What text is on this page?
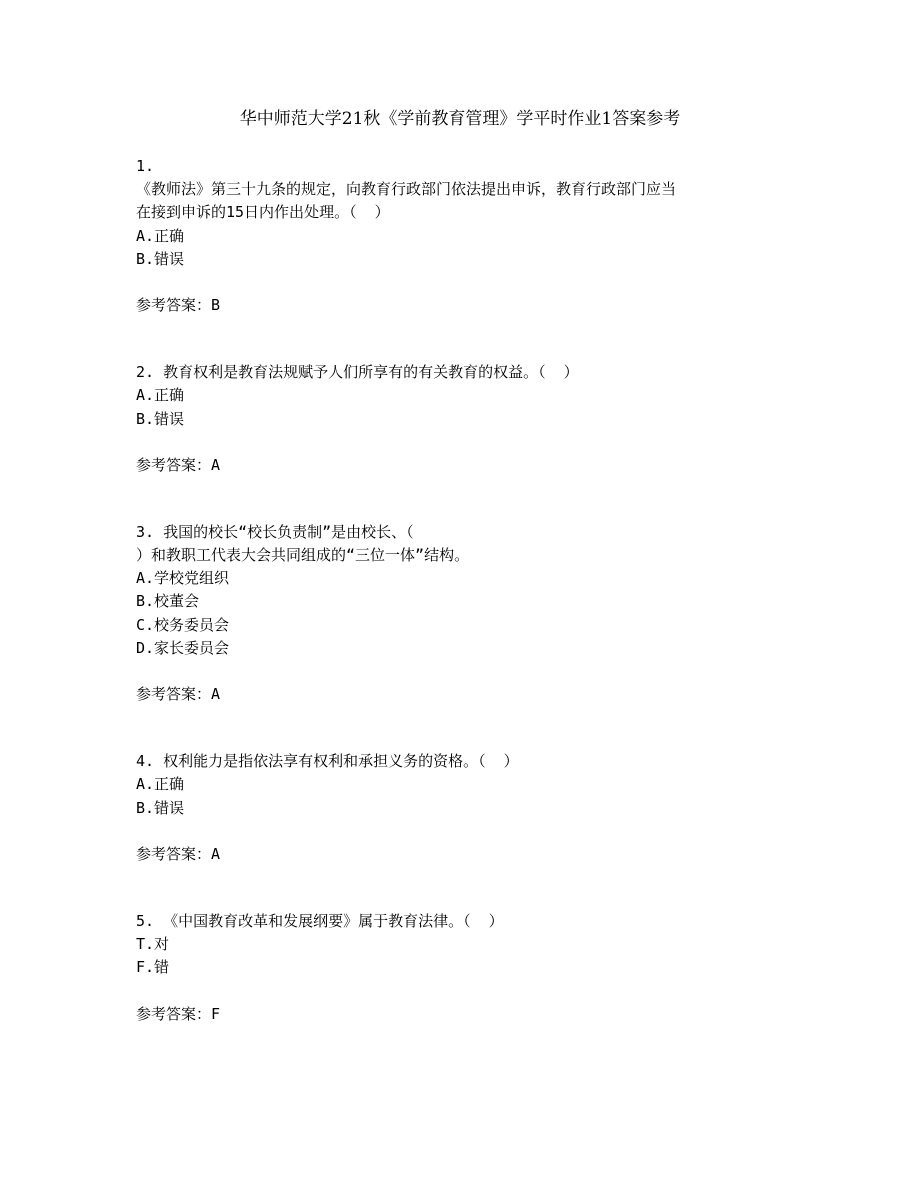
华中师范大学21秋《学前教育管理》学平时作业1答案参考
1.
《教师法》第三十九条的规定，向教育行政部门依法提出申诉，教育行政部门应当
在接到申诉的15日内作出处理。（  ）
A.正确
B.错误
参考答案：B
2. 教育权利是教育法规赋予人们所享有的有关教育的权益。（  ）
A.正确
B.错误
参考答案：A
3. 我国的校长“校长负责制”是由校长、（
）和教职工代表大会共同组成的“三位一体”结构。
A.学校党组织
B.校董会
C.校务委员会
D.家长委员会
参考答案：A
4. 权利能力是指依法享有权利和承担义务的资格。（  ）
A.正确
B.错误
参考答案：A
5. 《中国教育改革和发展纲要》属于教育法律。（  ）
T.对
F.错
参考答案：F
